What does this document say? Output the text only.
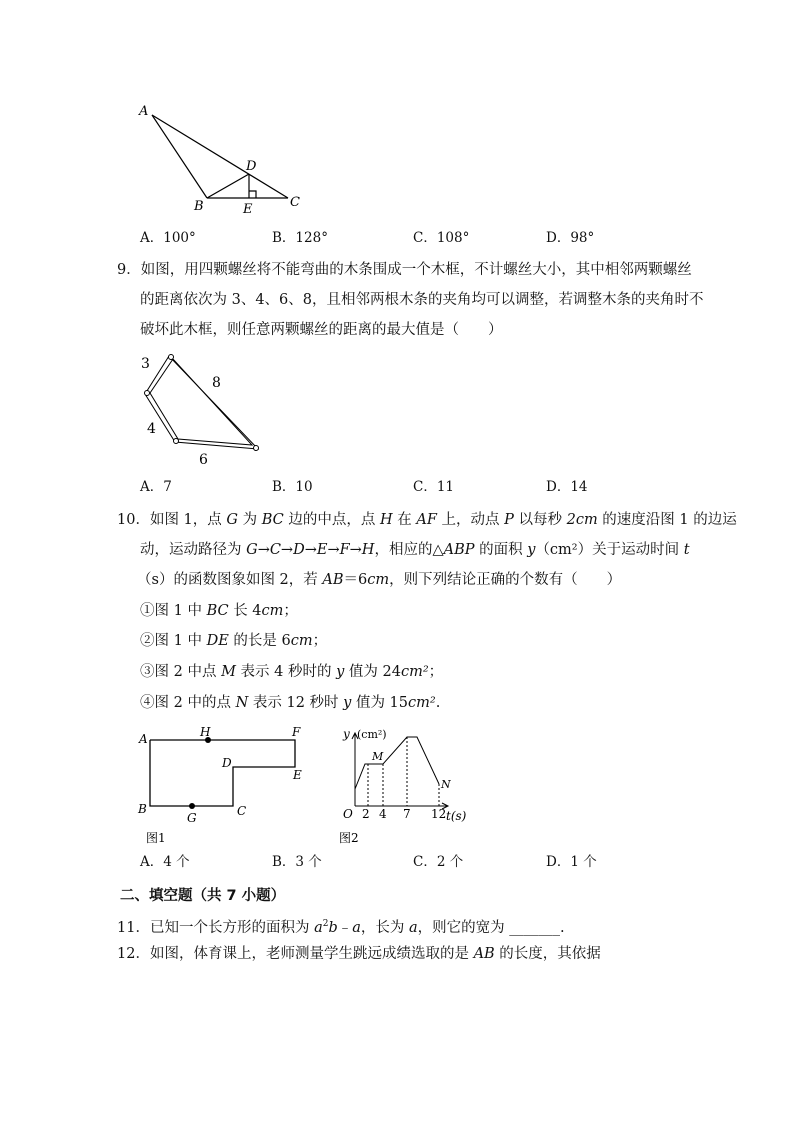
A
B	C
D
E
A．100°	B．128°	C．108°	D．98°
9．如图，用四颗螺丝将不能弯曲的木条围成一个木框，不计螺丝大小，其中相邻两颗螺丝
的距离依次为 3、4、6、8，且相邻两根木条的夹角均可以调整，若调整木条的夹角时不
破坏此木框，则任意两颗螺丝的距离的最大值是（　　）
3
8
4
6
A．7	B．10	C．11	D．14
10．如图 1，点 G 为 BC 边的中点，点 H 在 AF 上，动点 P 以每秒 2cm 的速度沿图 1 的边运
动，运动路径为 G→C→D→E→F→H，相应的△ABP 的面积 y（cm²）关于运动时间 t
（s）的函数图象如图 2，若 AB＝6cm，则下列结论正确的个数有（　　）
①图 1 中 BC 长 4cm；
②图 1 中 DE 的长是 6cm；
③图 2 中点 M 表示 4 秒时的 y 值为 24cm²；
④图 2 中的点 N 表示 12 秒时 y 值为 15cm².
A	H	F
D
E
B
G	C
图1
y (cm²)
M
N
O 2 4 7 12 t(s)
图2
A．4 个	B．3 个	C．2 个	D．1 个
二、填空题（共 7 小题）
11．已知一个长方形的面积为 $a^2b﹣a$，长为 a，则它的宽为 _______.
12．如图，体育课上，老师测量学生跳远成绩选取的是 AB 的长度，其依据
